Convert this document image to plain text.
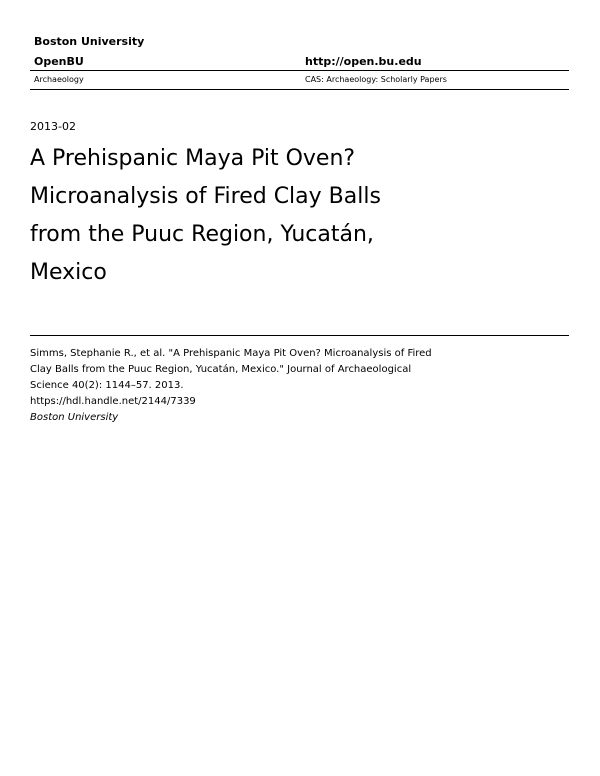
Boston University
OpenBU	http://open.bu.edu
Archaeology	CAS: Archaeology: Scholarly Papers
2013-02
A Prehispanic Maya Pit Oven?
Microanalysis of Fired Clay Balls
from the Puuc Region, Yucatán,
Mexico
Simms, Stephanie R., et al. "A Prehispanic Maya Pit Oven? Microanalysis of Fired
Clay Balls from the Puuc Region, Yucatán, Mexico." Journal of Archaeological
Science 40(2): 1144–57. 2013.
https://hdl.handle.net/2144/7339
Boston University
